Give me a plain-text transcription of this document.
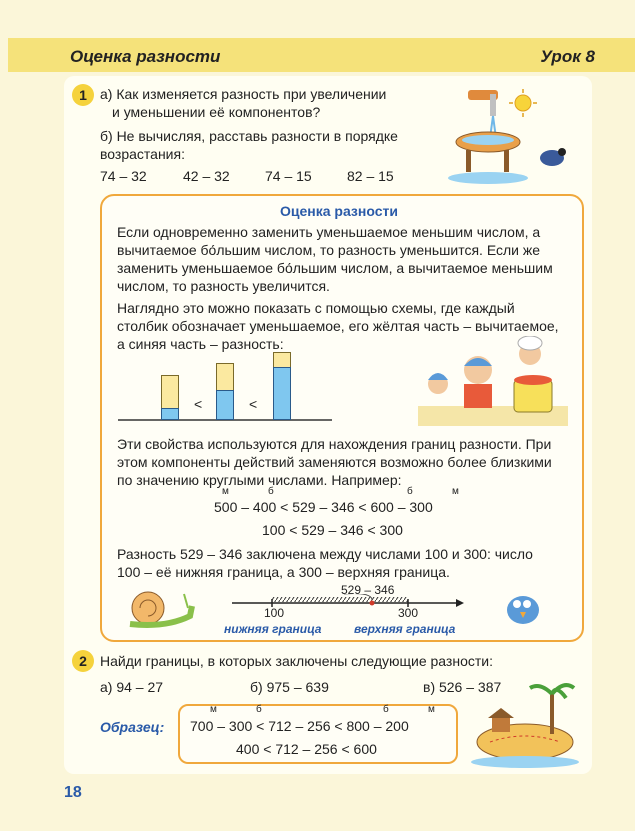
Оценка разности	Урок 8
1 а) Как изменяется разность при увеличении
и уменьшении её компонентов?
б) Не вычисляя, расставь разности в порядке
возрастания:
74 – 32	42 – 32	74 – 15	82 – 15
Оценка разности
Если одновременно заменить уменьшаемое меньшим числом, а
вычитаемое бо́льшим числом, то разность уменьшится. Если же
заменить уменьшаемое бо́льшим числом, а вычитаемое меньшим
числом, то разность увеличится.
Наглядно это можно показать с помощью схемы, где каждый
столбик обозначает уменьшаемое, его жёлтая часть – вычитаемое,
а синяя часть – разность:
<	<
Эти свойства используются для нахождения границ разности. При
этом компоненты действий заменяются возможно более близкими
по значению круглыми числами. Например:
м	б	б	м
500 – 400 < 529 – 346 < 600 – 300
100 < 529 – 346 < 300
Разность 529 – 346 заключена между числами 100 и 300: число
100 – её нижняя граница, а 300 – верхняя граница.
529 – 346
100	300
нижняя граница	верхняя граница
2 Найди границы, в которых заключены следующие разности:
а) 94 – 27	б) 975 – 639	в) 526 – 387
Образец:
м	б	б	м
700 – 300 < 712 – 256 < 800 – 200
400 < 712 – 256 < 600
18
